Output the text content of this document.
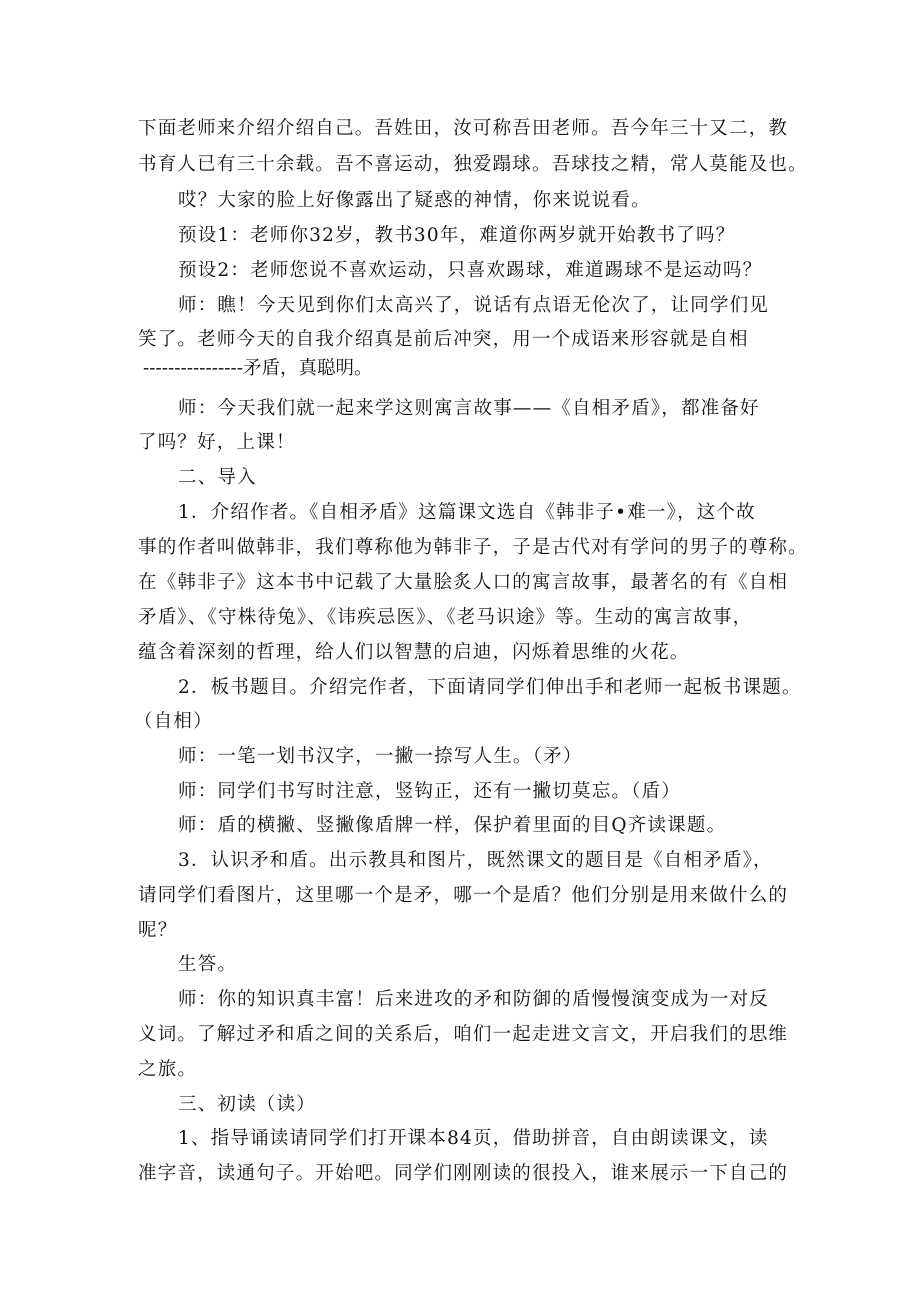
下面老师来介绍介绍自己。吾姓田，汝可称吾田老师。吾今年三十又二，教
书育人已有三十余载。吾不喜运动，独爱蹋球。吾球技之精，常人莫能及也。
哎？大家的脸上好像露出了疑惑的神情，你来说说看。
预设1：老师你32岁，教书30年，难道你两岁就开始教书了吗？
预设2：老师您说不喜欢运动，只喜欢踢球，难道踢球不是运动吗？
师：瞧！今天见到你们太高兴了，说话有点语无伦次了，让同学们见
笑了。老师今天的自我介绍真是前后冲突，用一个成语来形容就是自相
----------------矛盾，真聪明。
师：今天我们就一起来学这则寓言故事——《自相矛盾》，都准备好
了吗？好，上课！
二、导入
1．介绍作者。《自相矛盾》这篇课文选自《韩非子•难一》，这个故
事的作者叫做韩非，我们尊称他为韩非子，子是古代对有学问的男子的尊称。
在《韩非子》这本书中记载了大量脍炙人口的寓言故事，最著名的有《自相
矛盾》、《守株待兔》、《讳疾忌医》、《老马识途》等。生动的寓言故事，
蕴含着深刻的哲理，给人们以智慧的启迪，闪烁着思维的火花。
2．板书题目。介绍完作者，下面请同学们伸出手和老师一起板书课题。
（自相）
师：一笔一划书汉字，一撇一捺写人生。（矛）
师：同学们书写时注意，竖钩正，还有一撇切莫忘。（盾）
师：盾的横撇、竖撇像盾牌一样，保护着里面的目Q齐读课题。
3．认识矛和盾。出示教具和图片，既然课文的题目是《自相矛盾》，
请同学们看图片，这里哪一个是矛，哪一个是盾？他们分别是用来做什么的
呢？
生答。
师：你的知识真丰富！后来进攻的矛和防御的盾慢慢演变成为一对反
义词。了解过矛和盾之间的关系后，咱们一起走进文言文，开启我们的思维
之旅。
三、初读（读）
1、指导诵读请同学们打开课本84页，借助拼音，自由朗读课文，读
准字音，读通句子。开始吧。同学们刚刚读的很投入，谁来展示一下自己的
